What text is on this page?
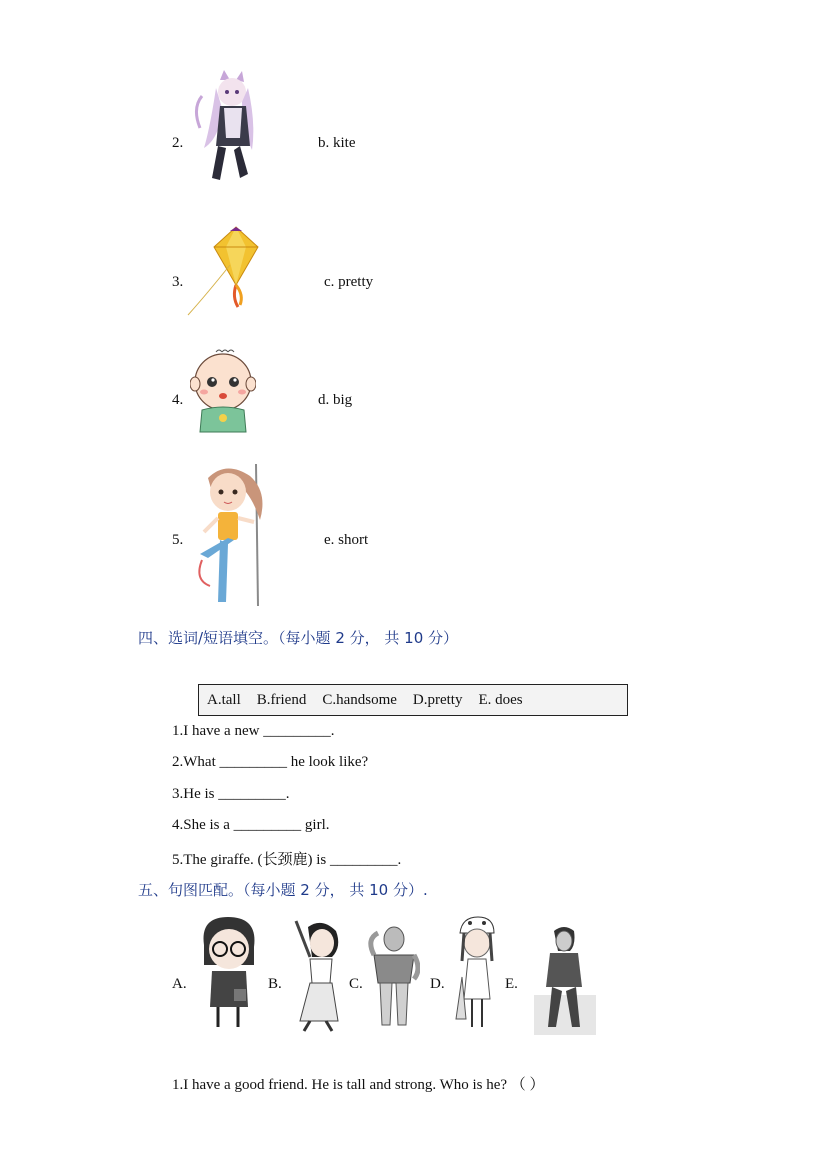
2.	b. kite
3.	c. pretty
4.	d. big
5.	e. short
四、选词/短语填空。（每小题 2 分， 共 10 分）
A.tall B.friend C.handsome D.pretty E. does
1.I have a new _________.
2.What _________ he look like?
3.He is _________.
4.She is a _________ girl.
5.The giraffe. (长颈鹿) is _________.
五、句图匹配。（每小题 2 分， 共 10 分）.
A.	B.	C.	D.	E.
1.I have a good friend. He is tall and strong. Who is he? （ ）
